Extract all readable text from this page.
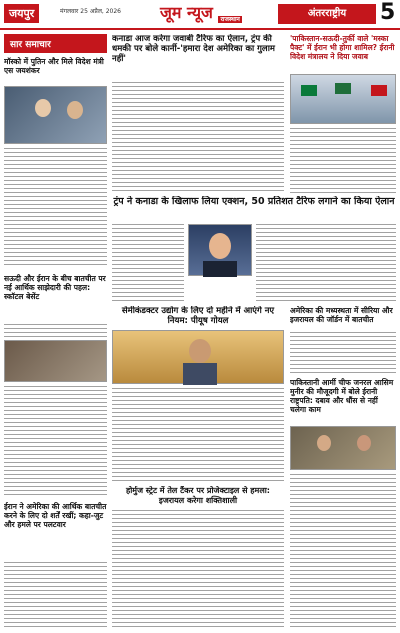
जयपुर	मंगलवार 25 अप्रैल, 2026 जूम न्यूज राजस्थान
अंतरराष्ट्रीय	5
सार समाचार
मॉस्को में पुतिन और मिले विदेश मंत्री एस जयशंकर
सऊदी और ईरान के बीच बातचीत पर नई आर्थिक साझेदारी की पहल: स्कॉटल बेसेंट
ईरान ने अमेरिका की आर्थिक बातचीत करने के लिए दो शर्तें रखीं; कहा-जुट और हमले पर पलटवार
कनाडा आज करेगा जवाबी टैरिफ का ऐलान, ट्रंप की धमकी पर बोले कार्नी-'हमारा देश अमेरिका का गुलाम नहीं'
'पाकिस्तान-सऊदी-तुर्की वाले 'मस्का पैक्ट' में ईरान भी होगा शामिल? ईरानी विदेश मंत्रालय ने दिया जवाब
ट्रंप ने कनाडा के खिलाफ लिया एक्शन, 50 प्रतिशत टैरिफ लगाने का किया ऐलान
सेमीकंडक्टर उद्योग के लिए दो महीने में आएंगे नए नियम: पीयूष गोयल
अमेरिका की मध्यस्थता में सीरिया और इजरायल की जॉर्डन में बातचीत
पाकिस्तानी आर्मी चीफ जनरल आसिम मुनीर की मौजूदगी में बोले ईरानी राष्ट्रपति: दबाव और धौंस से नहीं चलेगा काम
होर्मुज स्ट्रेट में तेल टैंकर पर प्रोजेक्टाइल से हमला: इजरायल करेगा शक्तिशाली
